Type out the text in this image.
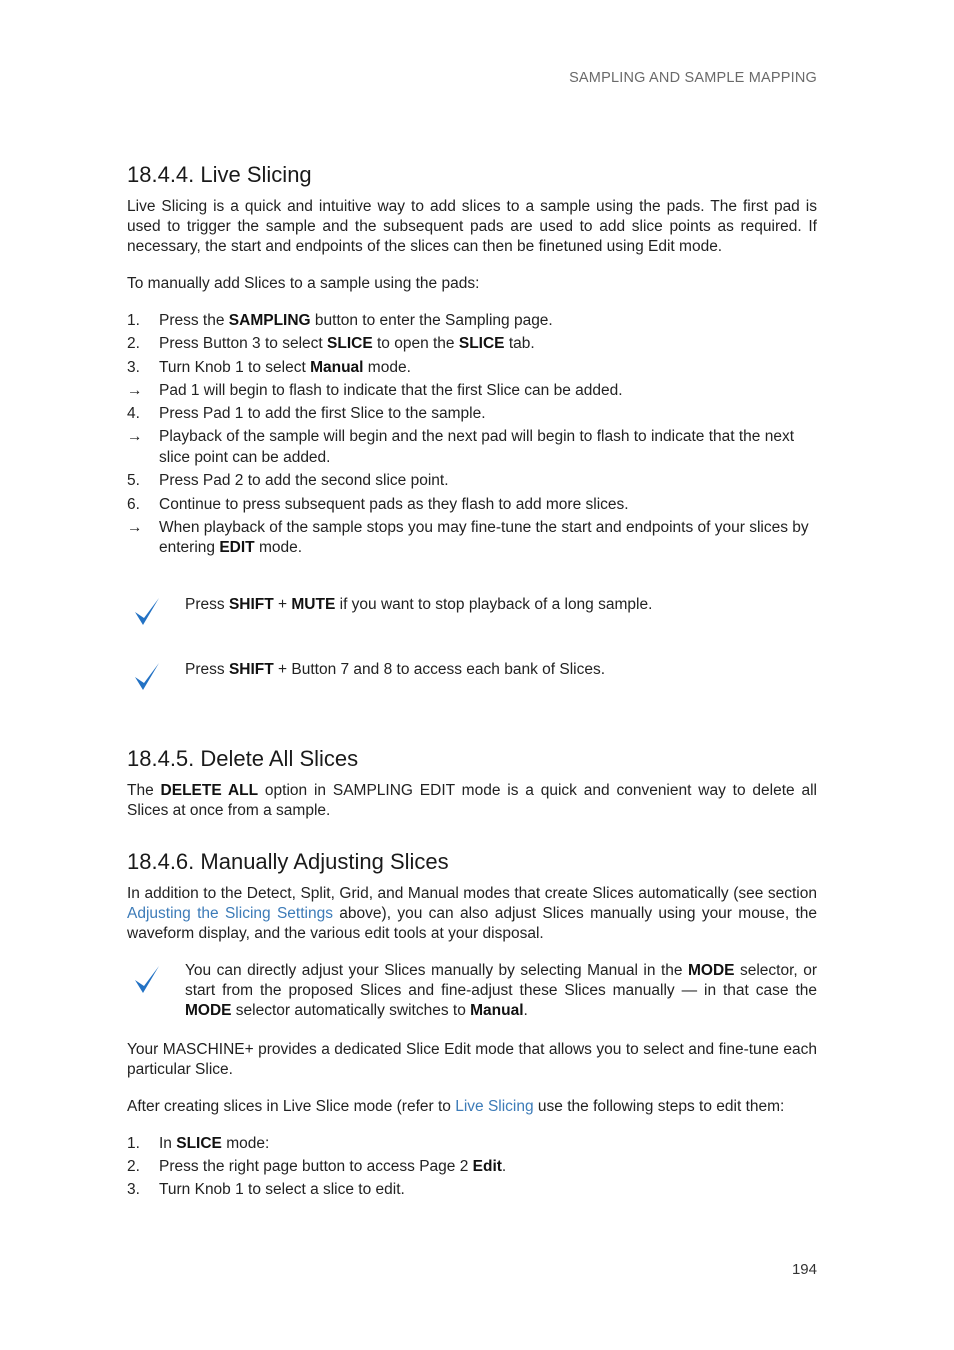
SAMPLING AND SAMPLE MAPPING
18.4.4. Live Slicing

Live Slicing is a quick and intuitive way to add slices to a sample using the pads. The first pad is used to trigger the sample and the subsequent pads are used to add slice points as required. If necessary, the start and endpoints of the slices can then be finetuned using Edit mode.

To manually add Slices to a sample using the pads:

1. Press the SAMPLING button to enter the Sampling page.
2. Press Button 3 to select SLICE to open the SLICE tab.
3. Turn Knob 1 to select Manual mode.
→ Pad 1 will begin to flash to indicate that the first Slice can be added.
4. Press Pad 1 to add the first Slice to the sample.
→ Playback of the sample will begin and the next pad will begin to flash to indicate that the next slice point can be added.
5. Press Pad 2 to add the second slice point.
6. Continue to press subsequent pads as they flash to add more slices.
→ When playback of the sample stops you may fine-tune the start and endpoints of your slices by entering EDIT mode.

Press SHIFT + MUTE if you want to stop playback of a long sample.

Press SHIFT + Button 7 and 8 to access each bank of Slices.

18.4.5. Delete All Slices

The DELETE ALL option in SAMPLING EDIT mode is a quick and convenient way to delete all Slices at once from a sample.

18.4.6. Manually Adjusting Slices

In addition to the Detect, Split, Grid, and Manual modes that create Slices automatically (see section Adjusting the Slicing Settings above), you can also adjust Slices manually using your mouse, the waveform display, and the various edit tools at your disposal.

You can directly adjust your Slices manually by selecting Manual in the MODE selector, or start from the proposed Slices and fine-adjust these Slices manually — in that case the MODE selector automatically switches to Manual.

Your MASCHINE+ provides a dedicated Slice Edit mode that allows you to select and fine-tune each particular Slice.

After creating slices in Live Slice mode (refer to Live Slicing use the following steps to edit them:

1. In SLICE mode:
2. Press the right page button to access Page 2 Edit.
3. Turn Knob 1 to select a slice to edit.
194
